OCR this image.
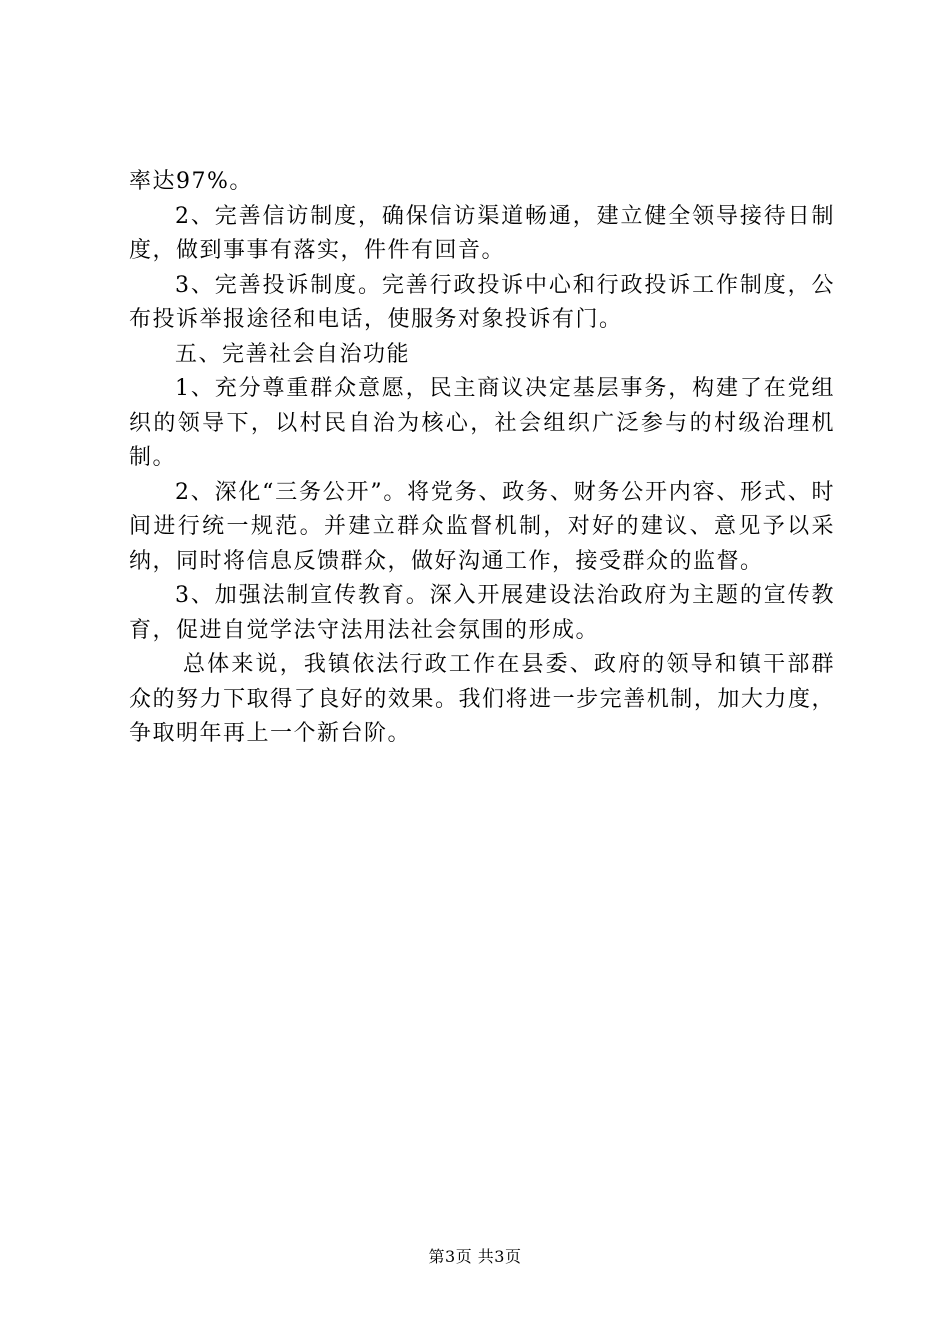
率达97%。

2、完善信访制度，确保信访渠道畅通，建立健全领导接待日制度，做到事事有落实，件件有回音。

3、完善投诉制度。完善行政投诉中心和行政投诉工作制度，公布投诉举报途径和电话，使服务对象投诉有门。

五、完善社会自治功能

1、充分尊重群众意愿，民主商议决定基层事务，构建了在党组织的领导下，以村民自治为核心，社会组织广泛参与的村级治理机制。

2、深化“三务公开”。将党务、政务、财务公开内容、形式、时间进行统一规范。并建立群众监督机制，对好的建议、意见予以采纳，同时将信息反馈群众，做好沟通工作，接受群众的监督。

3、加强法制宣传教育。深入开展建设法治政府为主题的宣传教育，促进自觉学法守法用法社会氛围的形成。

总体来说，我镇依法行政工作在县委、政府的领导和镇干部群众的努力下取得了良好的效果。我们将进一步完善机制，加大力度，争取明年再上一个新台阶。

第3页 共3页
